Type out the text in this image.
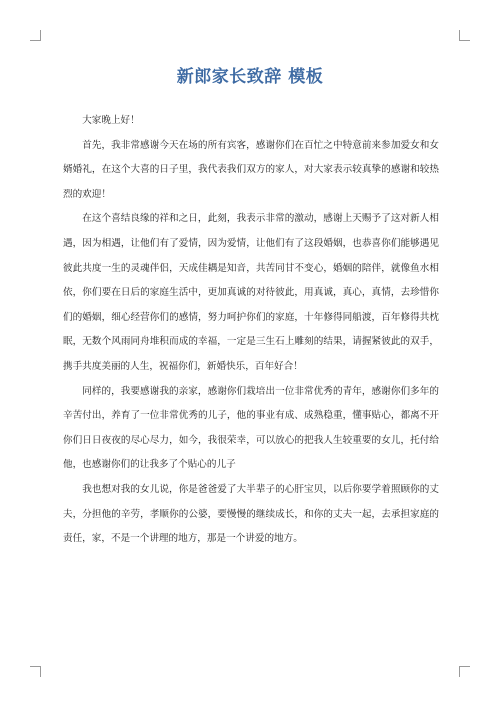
新郎家长致辞 模板

大家晚上好！

首先，我非常感谢今天在场的所有宾客，感谢你们在百忙之中特意前来参加爱女和女婿婚礼，在这个大喜的日子里，我代表我们双方的家人，对大家表示较真挚的感谢和较热烈的欢迎！

在这个喜结良缘的祥和之日，此刻，我表示非常的激动，感谢上天赐予了这对新人相遇，因为相遇，让他们有了爱情，因为爱情，让他们有了这段婚姻，也恭喜你们能够遇见彼此共度一生的灵魂伴侣，天成佳耦是知音，共苦同甘不变心，婚姻的陪伴，就像鱼水相依，你们要在日后的家庭生活中，更加真诚的对待彼此，用真诚，真心，真情，去珍惜你们的婚姻，细心经营你们的感情，努力呵护你们的家庭，十年修得同船渡，百年修得共枕眠，无数个风雨同舟堆积而成的幸福，一定是三生石上雕刻的结果，请握紧彼此的双手，携手共度美丽的人生，祝福你们，新婚快乐，百年好合！

同样的，我要感谢我的亲家，感谢你们栽培出一位非常优秀的青年，感谢你们多年的辛苦付出，养育了一位非常优秀的儿子，他的事业有成、成熟稳重，懂事贴心，都离不开你们日日夜夜的尽心尽力，如今，我很荣幸，可以放心的把我人生较重要的女儿，托付给他，也感谢你们的让我多了个贴心的儿子

我也想对我的女儿说，你是爸爸爱了大半辈子的心肝宝贝，以后你要学着照顾你的丈夫，分担他的辛劳，孝顺你的公婆，要慢慢的继续成长，和你的丈夫一起，去承担家庭的责任，家，不是一个讲理的地方，那是一个讲爱的地方。
